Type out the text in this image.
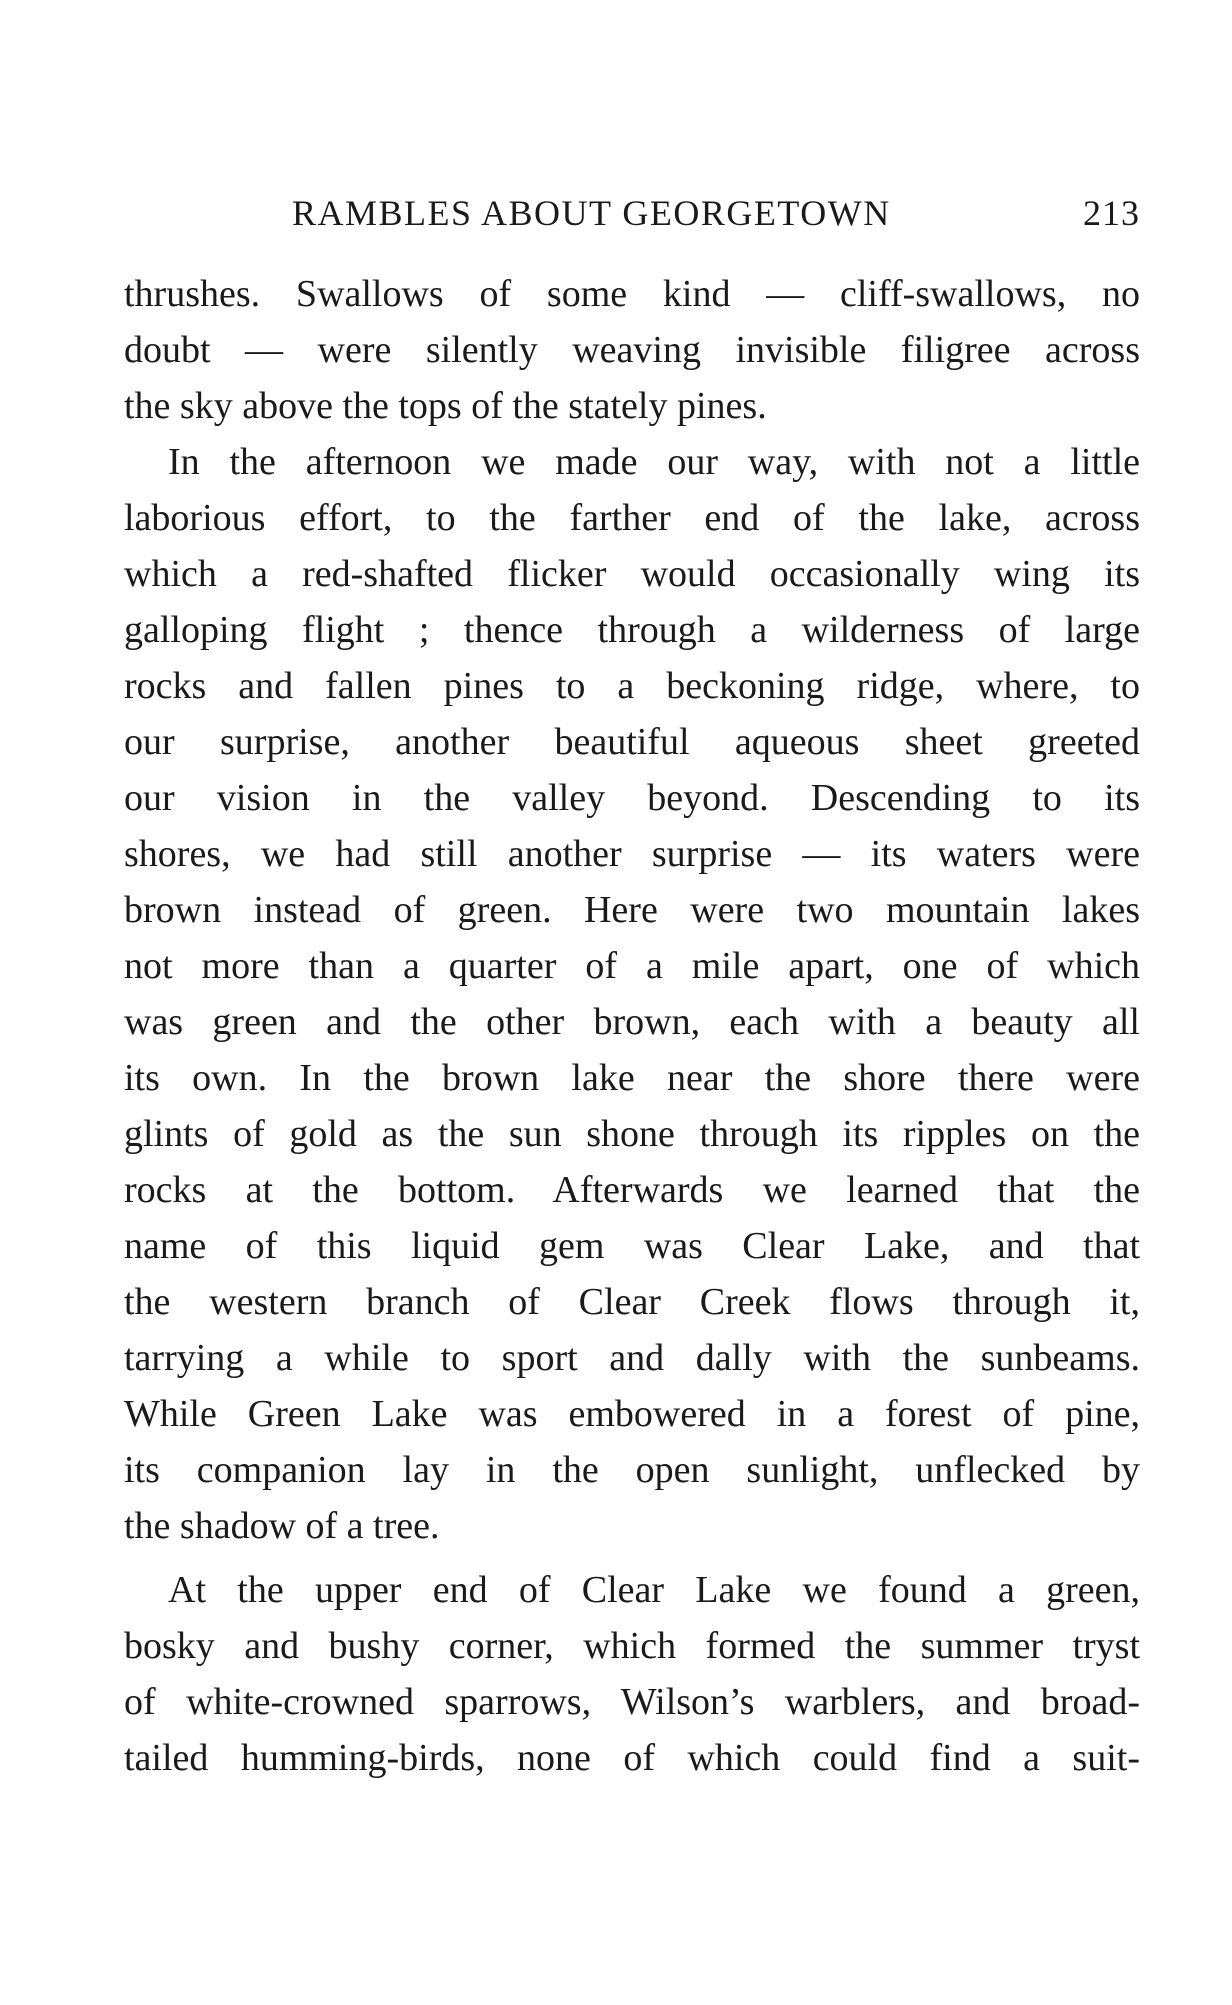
RAMBLES ABOUT GEORGETOWN	213
thrushes. Swallows of some kind — cliff-swallows, no
doubt — were silently weaving invisible filigree across
the sky above the tops of the stately pines.
In the afternoon we made our way, with not a little
laborious effort, to the farther end of the lake, across
which a red-shafted flicker would occasionally wing its
galloping flight ; thence through a wilderness of large
rocks and fallen pines to a beckoning ridge, where, to
our surprise, another beautiful aqueous sheet greeted
our vision in the valley beyond. Descending to its
shores, we had still another surprise — its waters were
brown instead of green. Here were two mountain lakes
not more than a quarter of a mile apart, one of which
was green and the other brown, each with a beauty all
its own. In the brown lake near the shore there were
glints of gold as the sun shone through its ripples on the
rocks at the bottom. Afterwards we learned that the
name of this liquid gem was Clear Lake, and that
the western branch of Clear Creek flows through it,
tarrying a while to sport and dally with the sunbeams.
While Green Lake was embowered in a forest of pine,
its companion lay in the open sunlight, unflecked by
the shadow of a tree.
At the upper end of Clear Lake we found a green,
bosky and bushy corner, which formed the summer tryst
of white-crowned sparrows, Wilson’s warblers, and broad-
tailed humming-birds, none of which could find a suit-
